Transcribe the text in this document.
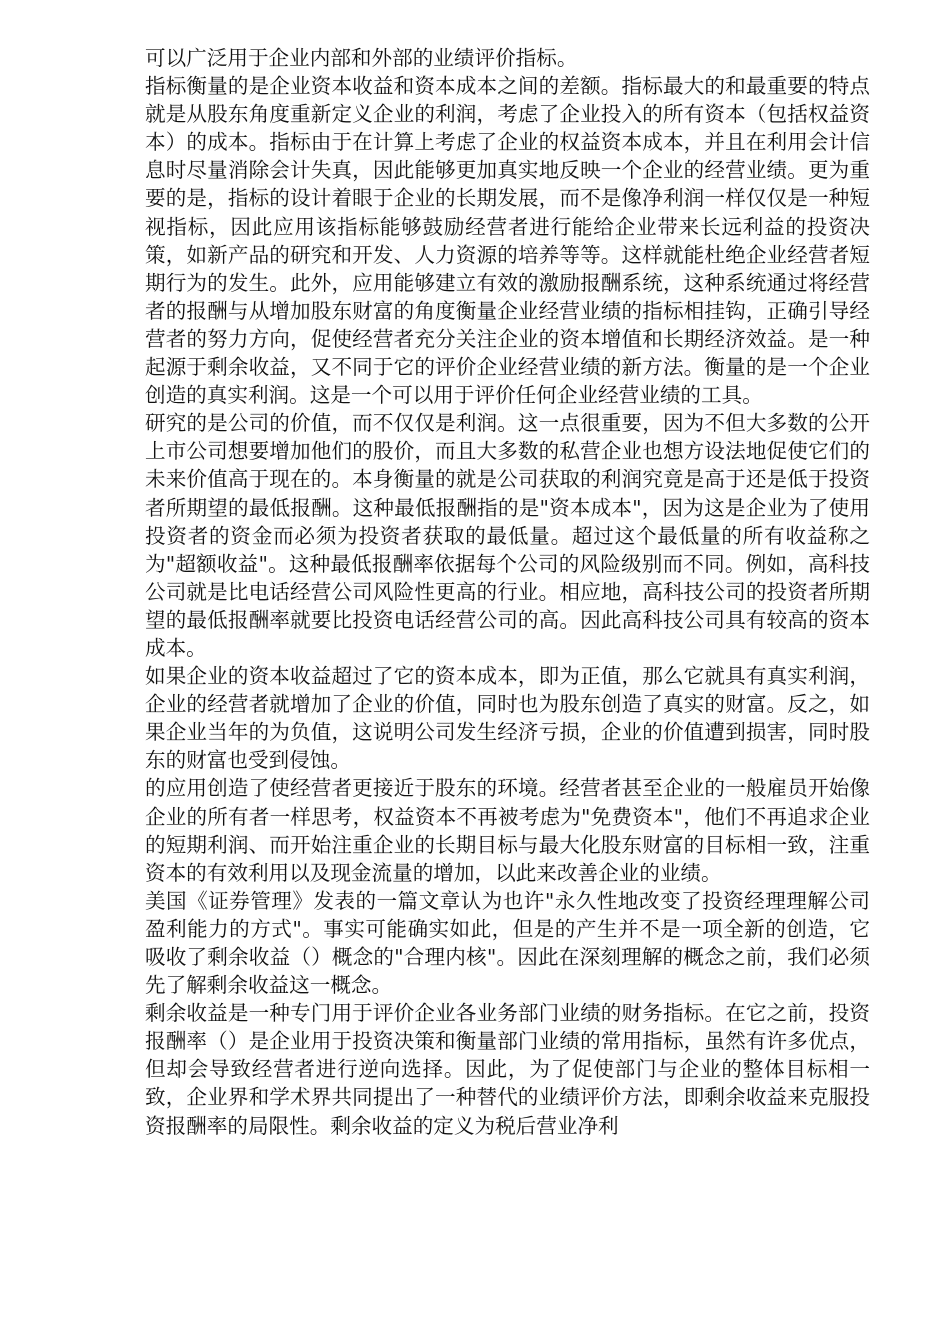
可以广泛用于企业内部和外部的业绩评价指标。

指标衡量的是企业资本收益和资本成本之间的差额。指标最大的和最重要的特点就是从股东角度重新定义企业的利润，考虑了企业投入的所有资本（包括权益资本）的成本。指标由于在计算上考虑了企业的权益资本成本，并且在利用会计信息时尽量消除会计失真，因此能够更加真实地反映一个企业的经营业绩。更为重要的是，指标的设计着眼于企业的长期发展，而不是像净利润一样仅仅是一种短视指标，因此应用该指标能够鼓励经营者进行能给企业带来长远利益的投资决策，如新产品的研究和开发、人力资源的培养等等。这样就能杜绝企业经营者短期行为的发生。此外，应用能够建立有效的激励报酬系统，这种系统通过将经营者的报酬与从增加股东财富的角度衡量企业经营业绩的指标相挂钩，正确引导经营者的努力方向，促使经营者充分关注企业的资本增值和长期经济效益。是一种起源于剩余收益，又不同于它的评价企业经营业绩的新方法。衡量的是一个企业创造的真实利润。这是一个可以用于评价任何企业经营业绩的工具。

研究的是公司的价值，而不仅仅是利润。这一点很重要，因为不但大多数的公开上市公司想要增加他们的股价，而且大多数的私营企业也想方设法地促使它们的未来价值高于现在的。本身衡量的就是公司获取的利润究竟是高于还是低于投资者所期望的最低报酬。这种最低报酬指的是"资本成本"，因为这是企业为了使用投资者的资金而必须为投资者获取的最低量。超过这个最低量的所有收益称之为"超额收益"。这种最低报酬率依据每个公司的风险级别而不同。例如，高科技公司就是比电话经营公司风险性更高的行业。相应地，高科技公司的投资者所期望的最低报酬率就要比投资电话经营公司的高。因此高科技公司具有较高的资本成本。

如果企业的资本收益超过了它的资本成本，即为正值，那么它就具有真实利润，企业的经营者就增加了企业的价值，同时也为股东创造了真实的财富。反之，如果企业当年的为负值，这说明公司发生经济亏损，企业的价值遭到损害，同时股东的财富也受到侵蚀。

的应用创造了使经营者更接近于股东的环境。经营者甚至企业的一般雇员开始像企业的所有者一样思考，权益资本不再被考虑为"免费资本"，他们不再追求企业的短期利润、而开始注重企业的长期目标与最大化股东财富的目标相一致，注重资本的有效利用以及现金流量的增加，以此来改善企业的业绩。

美国《证券管理》发表的一篇文章认为也许"永久性地改变了投资经理理解公司盈利能力的方式"。事实可能确实如此，但是的产生并不是一项全新的创造，它吸收了剩余收益（）概念的"合理内核"。因此在深刻理解的概念之前，我们必须先了解剩余收益这一概念。

剩余收益是一种专门用于评价企业各业务部门业绩的财务指标。在它之前，投资报酬率（）是企业用于投资决策和衡量部门业绩的常用指标，虽然有许多优点，但却会导致经营者进行逆向选择。因此，为了促使部门与企业的整体目标相一致，企业界和学术界共同提出了一种替代的业绩评价方法，即剩余收益来克服投资报酬率的局限性。剩余收益的定义为税后营业净利
